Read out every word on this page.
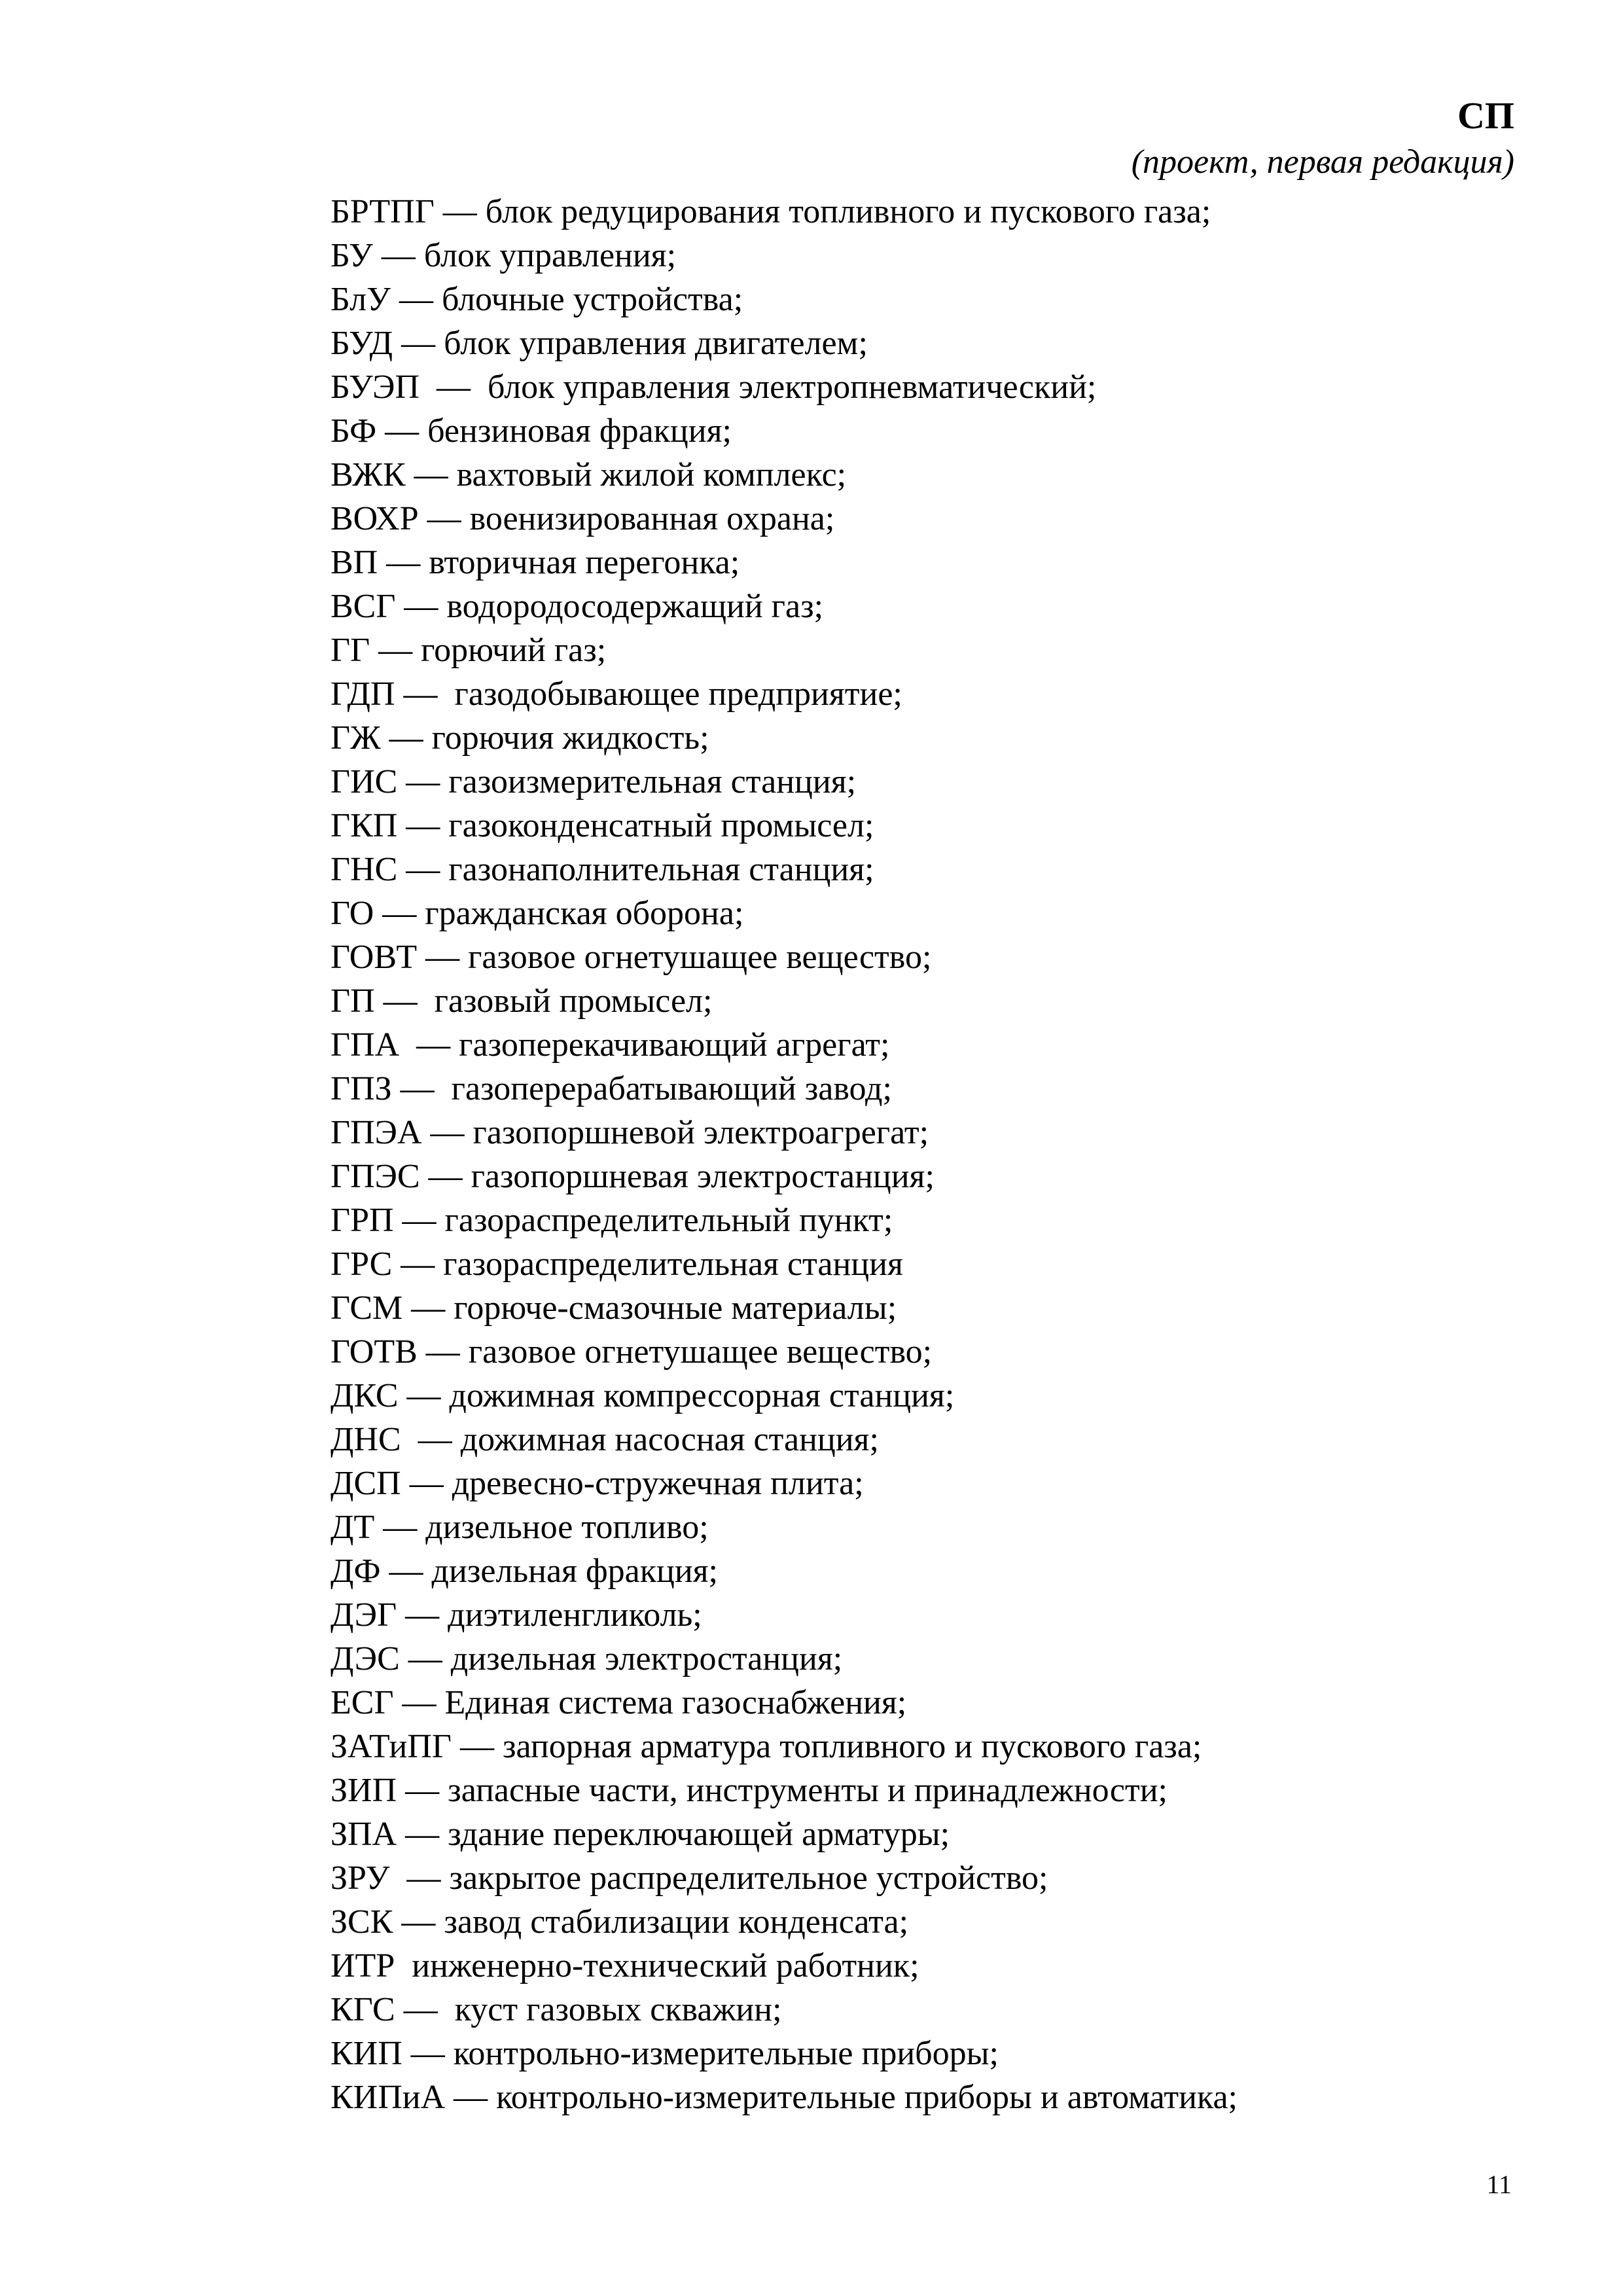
СП
(проект, первая редакция)
БРТПГ — блок редуцирования топливного и пускового газа;
БУ — блок управления;
БлУ — блочные устройства;
БУД — блок управления двигателем;
БУЭП  —  блок управления электропневматический;
БФ — бензиновая фракция;
ВЖК — вахтовый жилой комплекс;
ВОХР — военизированная охрана;
ВП — вторичная перегонка;
ВСГ — водородосодержащий газ;
ГГ — горючий газ;
ГДП —  газодобывающее предприятие;
ГЖ — горючия жидкость;
ГИС — газоизмерительная станция;
ГКП — газоконденсатный промысел;
ГНС — газонаполнительная станция;
ГО — гражданская оборона;
ГОВТ — газовое огнетушащее вещество;
ГП —  газовый промысел;
ГПА  — газоперекачивающий агрегат;
ГПЗ —  газоперерабатывающий завод;
ГПЭА — газопоршневой электроагрегат;
ГПЭС — газопоршневая электростанция;
ГРП — газораспределительный пункт;
ГРС — газораспределительная станция
ГСМ — горюче-смазочные материалы;
ГОТВ — газовое огнетушащее вещество;
ДКС — дожимная компрессорная станция;
ДНС  — дожимная насосная станция;
ДСП — древесно-стружечная плита;
ДТ — дизельное топливо;
ДФ — дизельная фракция;
ДЭГ — диэтиленгликоль;
ДЭС — дизельная электростанция;
ЕСГ — Единая система газоснабжения;
ЗАТиПГ — запорная арматура топливного и пускового газа;
ЗИП — запасные части, инструменты и принадлежности;
ЗПА — здание переключающей арматуры;
ЗРУ  — закрытое распределительное устройство;
ЗСК — завод стабилизации конденсата;
ИТР  инженерно-технический работник;
КГС —  куст газовых скважин;
КИП — контрольно-измерительные приборы;
КИПиА — контрольно-измерительные приборы и автоматика;
11
